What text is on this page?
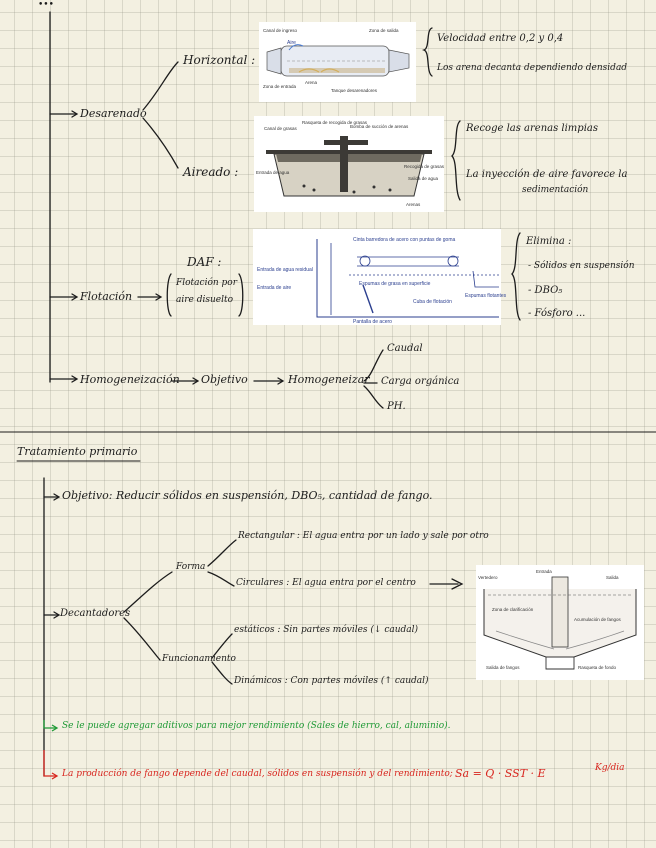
•••
Desarenado
Horizontal :
Velocidad entre 0,2 y 0,4
Los arena decanta dependiendo densidad
Aireado :
Recoge las arenas limpias
La inyección de aire favorece la
sedimentación
Flotación
DAF :
Flotación por
aire disuelto
Elimina :
- Sólidos en suspensión
- DBO₅
- Fósforo ...
Homogeneización Objetivo	Homogeneizar
Caudal
Carga orgánica
PH.
Canal de ingreso
Aire
Zona de salida
Zona de entrada
Arena
Tanque desarenadores
Canal de grasas
Rasqueta de recogida de grasas
Bomba de succión de arenas
Entrada de agua
Recogida de grasas
Salida de agua
Arenas
Cinta barredora de acero con puntas de goma
Entrada de agua residual
Entrada de aire
Espumas de grasa en superficie
Cuba de flotación
Espumas flotantes
Pantalla de acero
Tratamiento primario
Objetivo: Reducir sólidos en suspensión, DBO₅, cantidad de fango.
Decantadores
Forma
Rectangular : El agua entra por un lado y sale por otro
Circulares : El agua entra por el centro
Funcionamiento
estáticos : Sin partes móviles (↓ caudal)
Dinámicos : Con partes móviles (↑ caudal)
Entrada
Vertedero	Salida
Zona de clarificación
Acumulación de fangos
Salida de fangos	Rasqueta de fondo
Se le puede agregar aditivos para mejor rendimiento (Sales de hierro, cal, aluminio).
La producción de fango depende del caudal, sólidos en suspensión y del rendimiento; Sa = Q · SST · E	Kg/dia
